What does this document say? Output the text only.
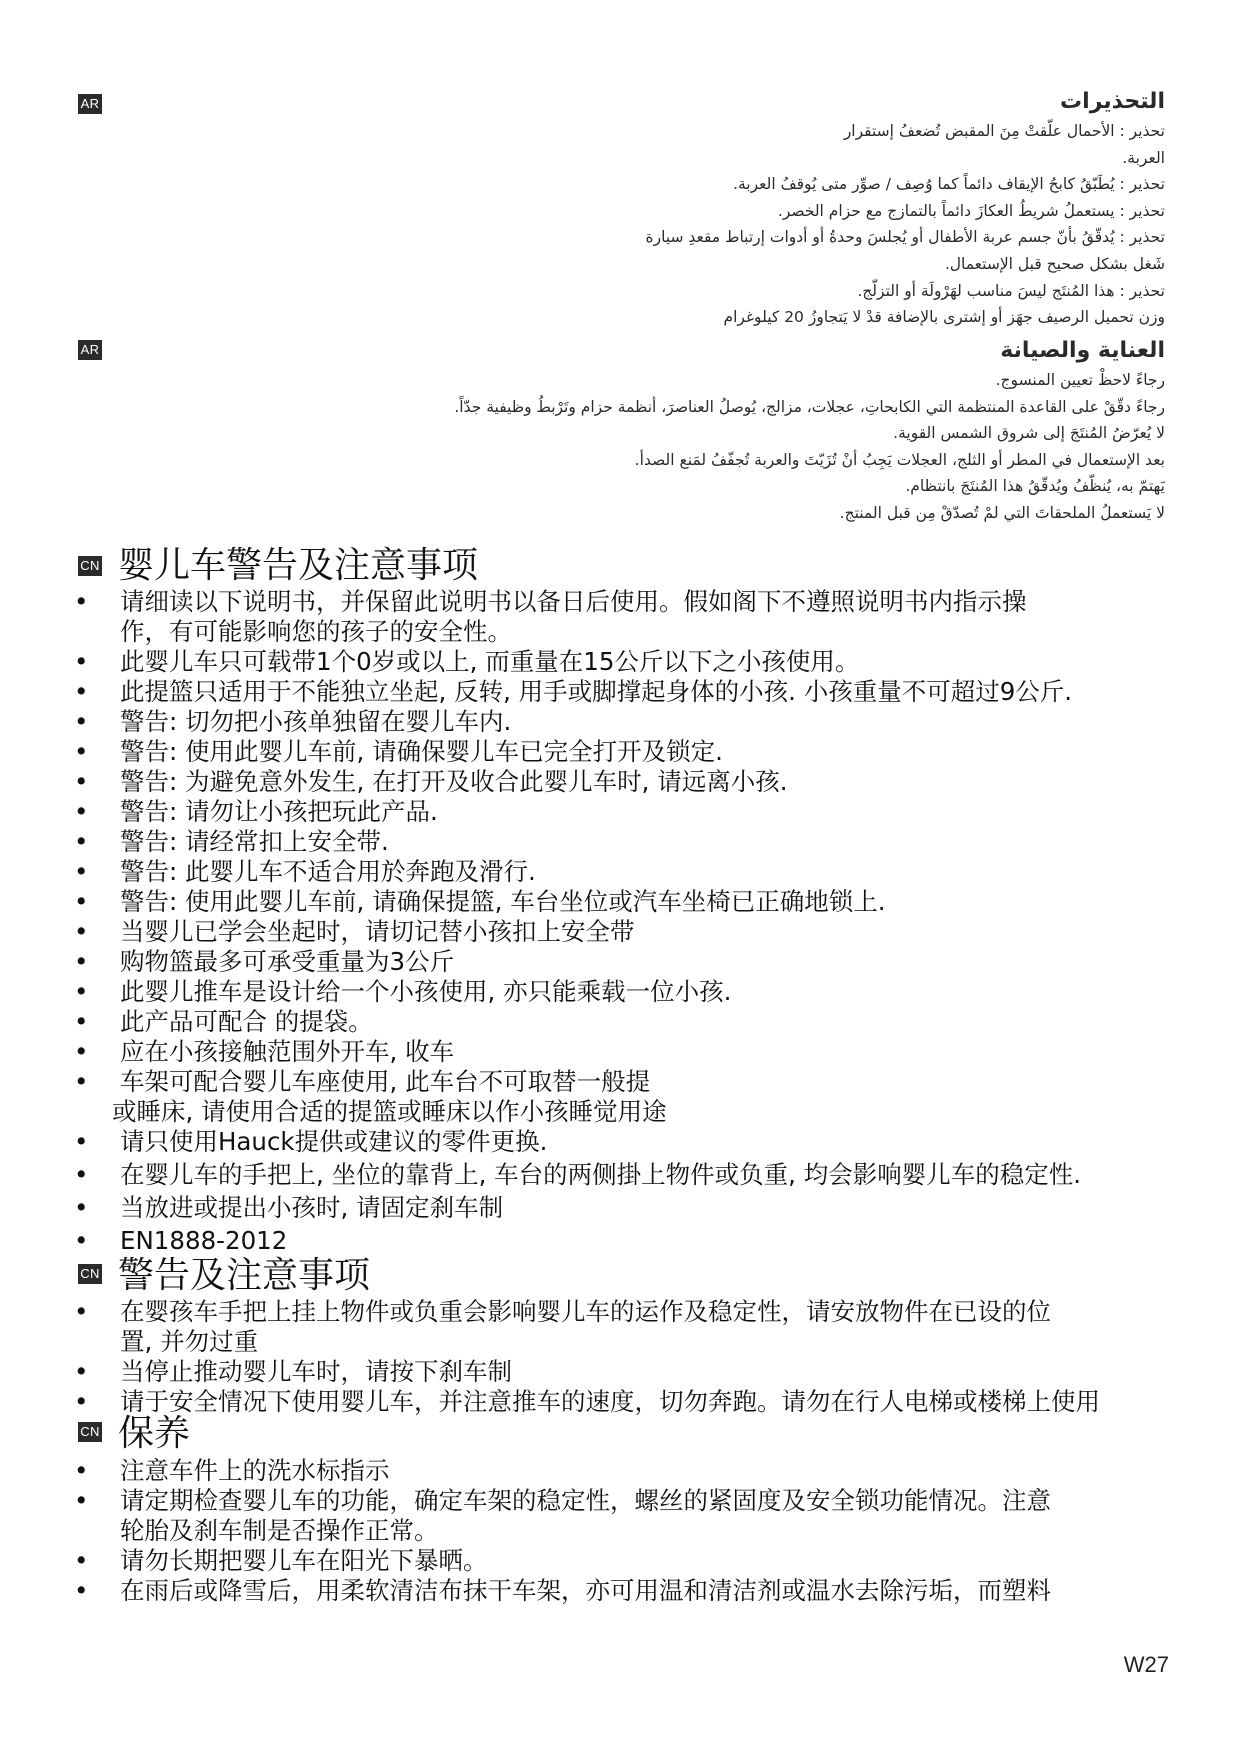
AR	التحذيرات
تحذير : الأحمال علّقتْ مِنَ المقبض تُضعفُ إستقرار
العربة.
تحذير : يُطَبّقُ كابحُ الإيقاف دائماً كما وُصِف / صوِّر متى يُوقفُ العربة.
تحذير : يستعملُ شريطُ العكازَ دائماً بالتمازج مع حزام الخصر.
تحذير : يُدقّقُ بأنّ جسم عربة الأطفال أو يُجلسَ وحدةُ أو أدوات إرتباط مقعدِ سيارة
شَغل بشكل صحيح قبل الإستعمال.
تحذير : هذا المُنتَج ليسَ مناسب لهَرْولَة أو التزلّج.
وزن تحميل الرصيف جهَز أو إشترى بالإضافة قدْ لا يَتجاوزُ 20 كيلوغرام
AR	العناية والصيانة
رجاءً لاحظْ تعيين المنسوج.
رجاءً دقّقْ على القاعدة المنتظمة التي الكابحاتِ، عجلات، مزالج، يُوصلُ العناصرَ، أنظمة حزام وتَرْبطُ وظيفية جدّاً.
لا يُعرّضُ المُنتَجَ إلى شروق الشمس القوية.
بعد الإستعمال في المطر أو الثلج، العجلات يَجِبُ أنْ تُزَيّتَ والعربة تُجفّفُ لمَنع الصدأ.
يَهتمّ به، يُنظّفُ ويُدقّقُ هذا المُنتَجَ بانتظام.
لا يَستعملُ الملحقاتَ التي لمْ تُصدّقْ مِن قبل المنتج.
CN 婴儿车警告及注意事项
• 请细读以下说明书，并保留此说明书以备日后使用。假如阁下不遵照说明书内指示操
作，有可能影响您的孩子的安全性。
• 此婴儿车只可载带1个0岁或以上, 而重量在15公斤以下之小孩使用。
• 此提篮只适用于不能独立坐起, 反转, 用手或脚撑起身体的小孩. 小孩重量不可超过9公斤.
• 警告: 切勿把小孩单独留在婴儿车内.
• 警告: 使用此婴儿车前, 请确保婴儿车已完全打开及锁定.
• 警告: 为避免意外发生, 在打开及收合此婴儿车时, 请远离小孩.
• 警告: 请勿让小孩把玩此产品.
• 警告: 请经常扣上安全带.
• 警告: 此婴儿车不适合用於奔跑及滑行.
• 警告: 使用此婴儿车前, 请确保提篮, 车台坐位或汽车坐椅已正确地锁上.
• 当婴儿已学会坐起时，请切记替小孩扣上安全带
• 购物篮最多可承受重量为3公斤
• 此婴儿推车是设计给一个小孩使用, 亦只能乘载一位小孩.
• 此产品可配合 的提袋。
• 应在小孩接触范围外开车, 收车
• 车架可配合婴儿车座使用, 此车台不可取替一般提
或睡床, 请使用合适的提篮或睡床以作小孩睡觉用途
• 请只使用Hauck提供或建议的零件更换.
• 在婴儿车的手把上, 坐位的靠背上, 车台的两侧掛上物件或负重, 均会影响婴儿车的稳定性.
• 当放进或提出小孩时, 请固定刹车制
• EN1888-2012
CN 警告及注意事项
• 在婴孩车手把上挂上物件或负重会影响婴儿车的运作及稳定性，请安放物件在已设的位
置, 并勿过重
• 当停止推动婴儿车时，请按下刹车制
• 请于安全情况下使用婴儿车，并注意推车的速度，切勿奔跑。请勿在行人电梯或楼梯上使用
CN 保养
• 注意车件上的洗水标指示
• 请定期检查婴儿车的功能，确定车架的稳定性，螺丝的紧固度及安全锁功能情况。注意
轮胎及刹车制是否操作正常。
• 请勿长期把婴儿车在阳光下暴晒。
• 在雨后或降雪后，用柔软清洁布抹干车架，亦可用温和清洁剂或温水去除污垢，而塑料
W27
